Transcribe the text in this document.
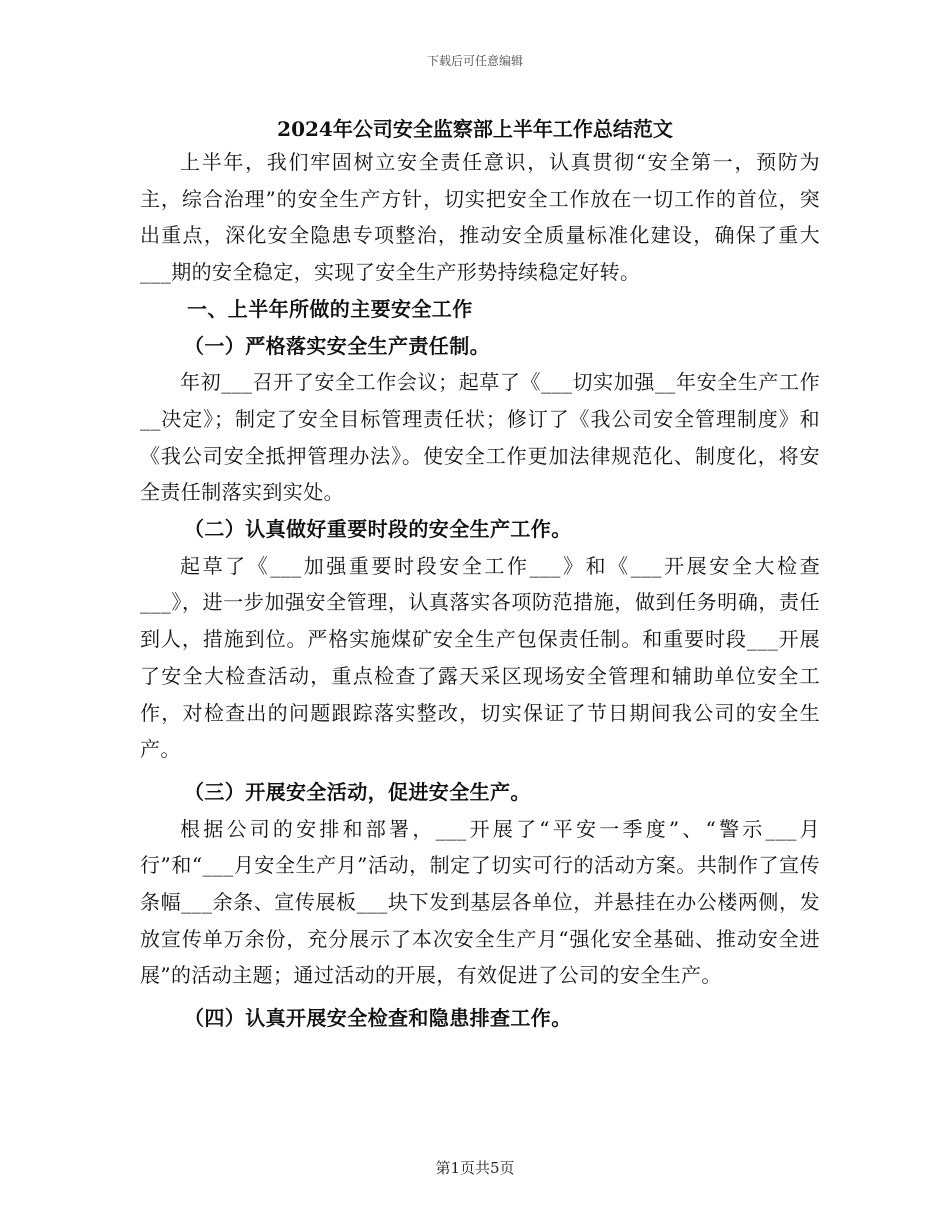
下载后可任意编辑
2024年公司安全监察部上半年工作总结范文

上半年，我们牢固树立安全责任意识，认真贯彻“安全第一，预防为主，综合治理”的安全生产方针，切实把安全工作放在一切工作的首位，突出重点，深化安全隐患专项整治，推动安全质量标准化建设，确保了重大___期的安全稳定，实现了安全生产形势持续稳定好转。

一、上半年所做的主要安全工作

（一）严格落实安全生产责任制。

年初___召开了安全工作会议；起草了《___切实加强__年安全生产工作__决定》；制定了安全目标管理责任状；修订了《我公司安全管理制度》和《我公司安全抵押管理办法》。使安全工作更加法律规范化、制度化，将安全责任制落实到实处。

（二）认真做好重要时段的安全生产工作。

起草了《___加强重要时段安全工作___》和《___开展安全大检查___》，进一步加强安全管理，认真落实各项防范措施，做到任务明确，责任到人，措施到位。严格实施煤矿安全生产包保责任制。和重要时段___开展了安全大检查活动，重点检查了露天采区现场安全管理和辅助单位安全工作，对检查出的问题跟踪落实整改，切实保证了节日期间我公司的安全生产。

（三）开展安全活动，促进安全生产。

根据公司的安排和部署，___开展了“平安一季度”、“警示___月行”和“___月安全生产月”活动，制定了切实可行的活动方案。共制作了宣传条幅___余条、宣传展板___块下发到基层各单位，并悬挂在办公楼两侧，发放宣传单万余份，充分展示了本次安全生产月“强化安全基础、推动安全进展”的活动主题；通过活动的开展，有效促进了公司的安全生产。

（四）认真开展安全检查和隐患排查工作。

第1页共5页
